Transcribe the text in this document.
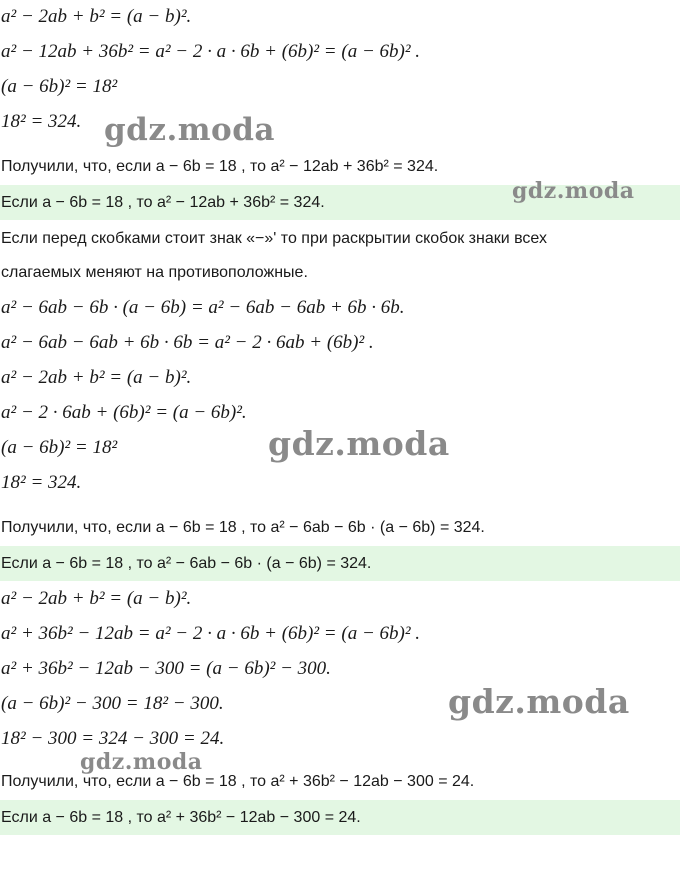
a² − 2ab + b² = (a − b)².
a² − 12ab + 36b² = a² − 2 · a · 6b + (6b)² = (a − 6b)² .
(a − 6b)² = 18²
18² = 324.
Получили, что, если a − 6b = 18 , то a² − 12ab + 36b² = 324.
Если a − 6b = 18 , то a² − 12ab + 36b² = 324.
Если перед скобками стоит знак «−»' то при раскрытии скобок знаки всех
слагаемых меняют на противоположные.
a² − 6ab − 6b · (a − 6b) = a² − 6ab − 6ab + 6b · 6b.
a² − 6ab − 6ab + 6b · 6b = a² − 2 · 6ab + (6b)² .
a² − 2ab + b² = (a − b)².
a² − 2 · 6ab + (6b)² = (a − 6b)².
(a − 6b)² = 18²
18² = 324.
Получили, что, если a − 6b = 18 , то a² − 6ab − 6b · (a − 6b) = 324.
Если a − 6b = 18 , то a² − 6ab − 6b · (a − 6b) = 324.
a² − 2ab + b² = (a − b)².
a² + 36b² − 12ab = a² − 2 · a · 6b + (6b)² = (a − 6b)² .
a² + 36b² − 12ab − 300 = (a − 6b)² − 300.
(a − 6b)² − 300 = 18² − 300.
18² − 300 = 324 − 300 = 24.
Получили, что, если a − 6b = 18 , то a² + 36b² − 12ab − 300 = 24.
Если a − 6b = 18 , то a² + 36b² − 12ab − 300 = 24.
gdz.moda
gdz.moda
gdz.moda
gdz.moda
gdz.moda
